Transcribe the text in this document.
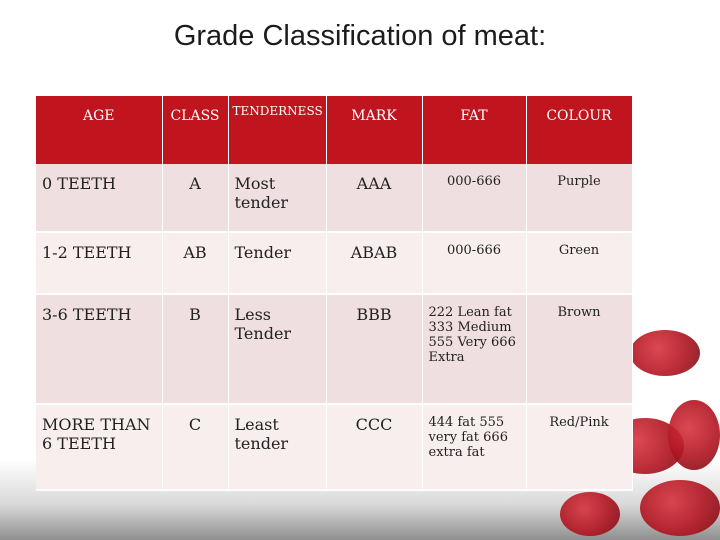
Grade Classification of meat:
AGE	CLASS	TENDERNESS	MARK	FAT	COLOUR
0 TEETH	A	Most tender	AAA	000-666	Purple
1-2 TEETH	AB	Tender	ABAB	000-666	Green
3-6 TEETH	B	Less Tender	BBB	222 Lean fat 333 Medium 555 Very 666 Extra	Brown
MORE THAN 6 TEETH	C	Least tender	CCC	444 fat 555 very fat 666 extra fat	Red/Pink
